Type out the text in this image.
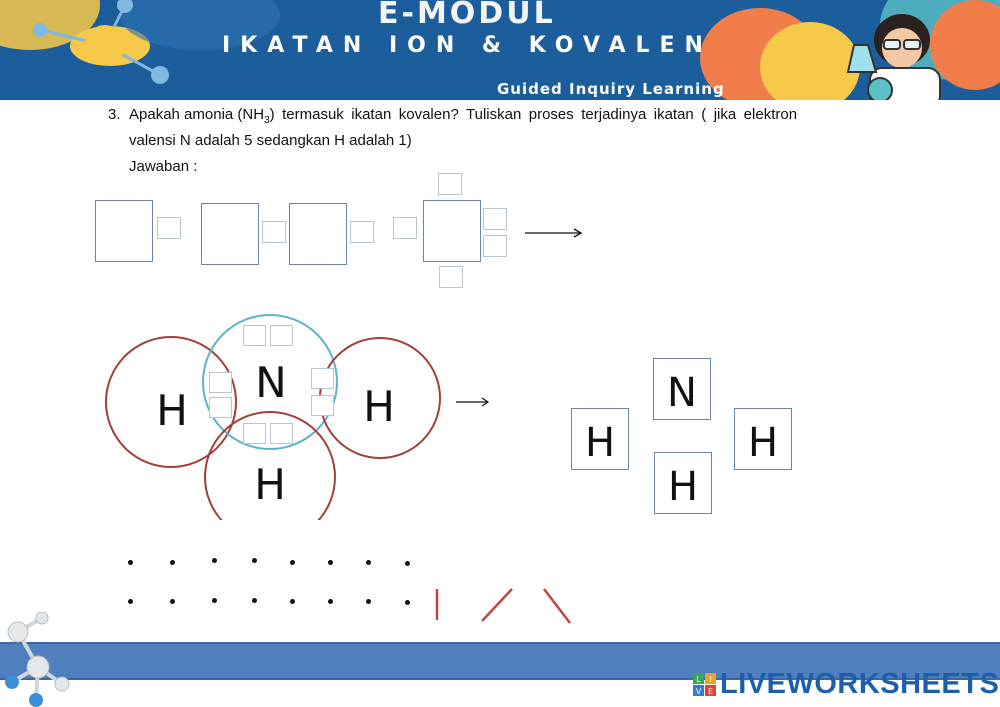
E-MODUL
IKATAN ION & KOVALEN
Guided Inquiry Learning
3. Apakah amonia $(NH_3)$ termasuk ikatan kovalen? Tuliskan proses terjadinya ikatan ( jika elektron
valensi N adalah 5 sedangkan H adalah 1)
Jawaban :
H
N H
H
N
H	H
H
L I
V E LIVEWORKSHEETS
